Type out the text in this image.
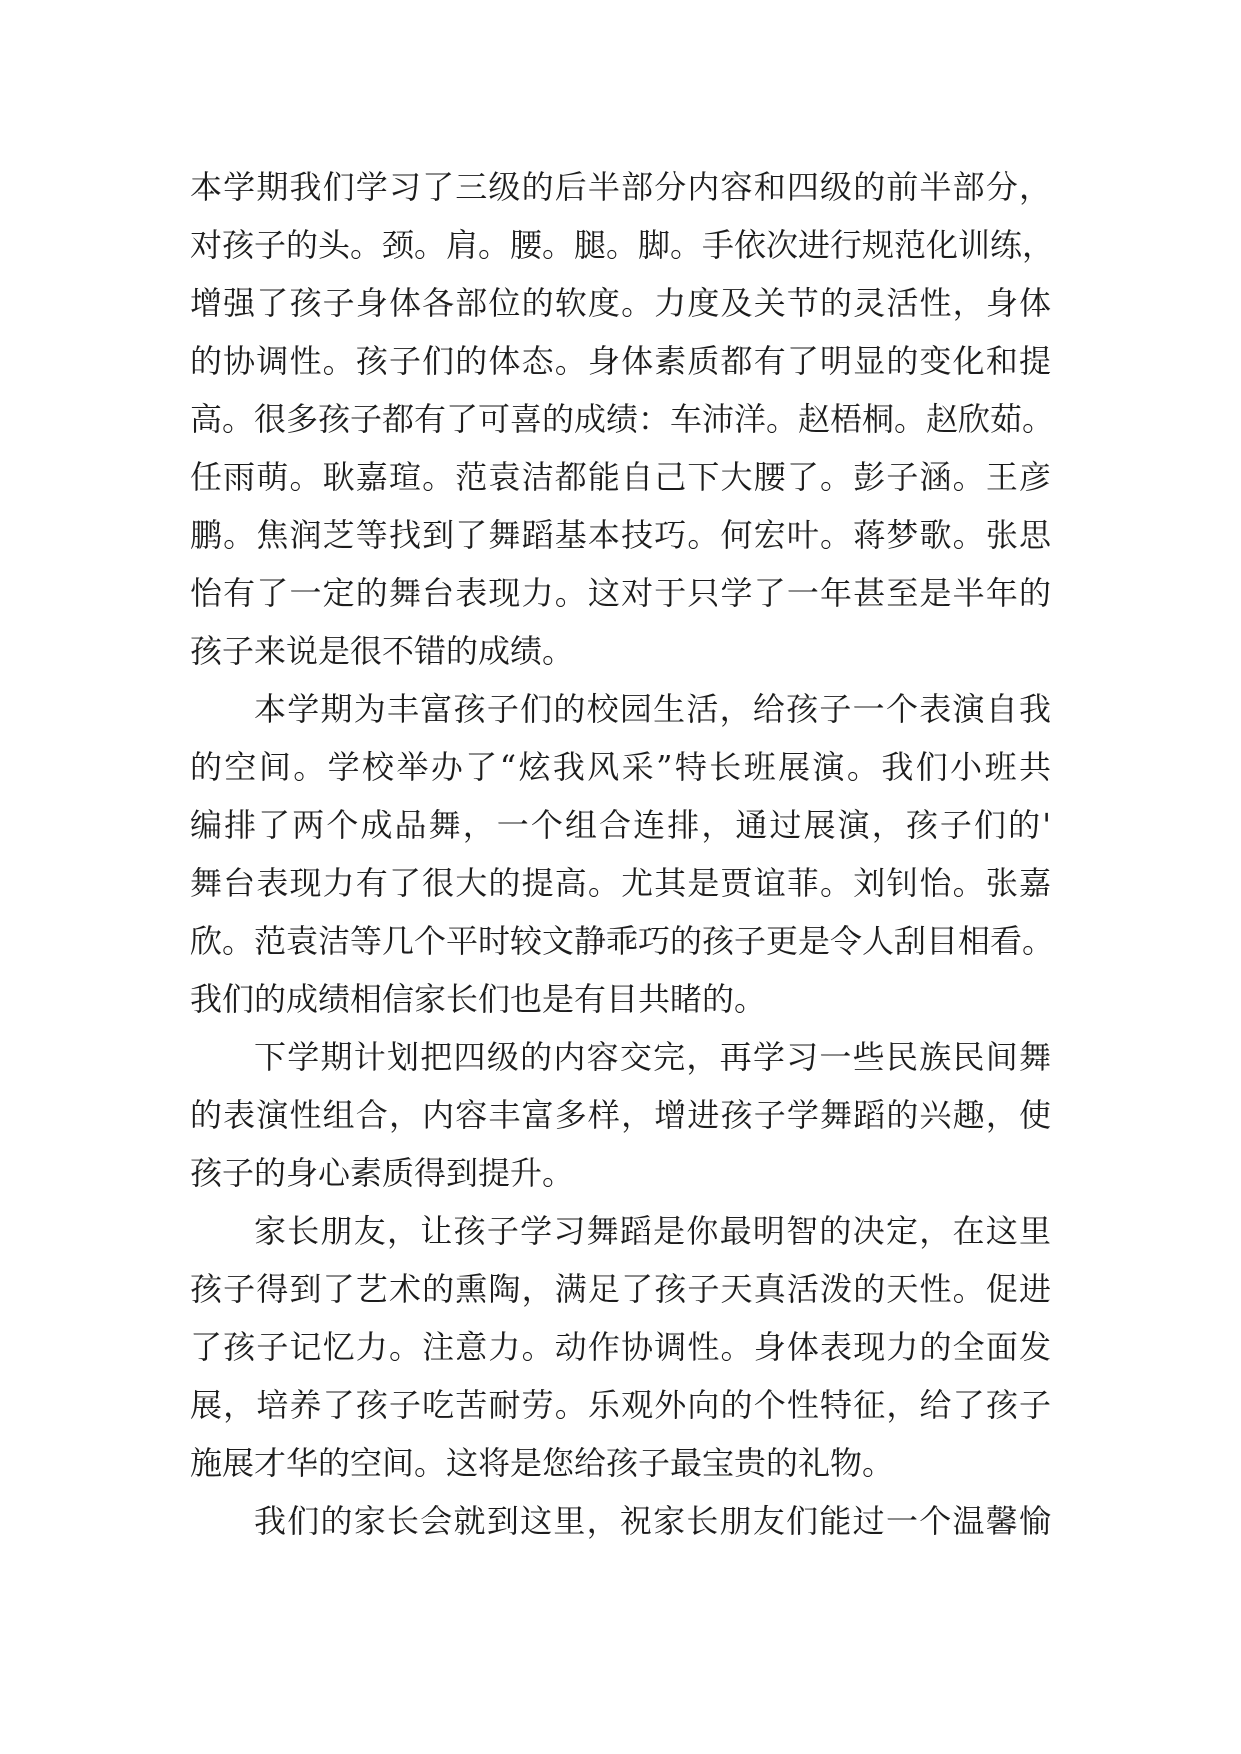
本学期我们学习了三级的后半部分内容和四级的前半部分，
对孩子的头。颈。肩。腰。腿。脚。手依次进行规范化训练，
增强了孩子身体各部位的软度。力度及关节的灵活性，身体
的协调性。孩子们的体态。身体素质都有了明显的变化和提
高。很多孩子都有了可喜的成绩：车沛洋。赵梧桐。赵欣茹。
任雨萌。耿嘉瑄。范袁洁都能自己下大腰了。彭子涵。王彦
鹏。焦润芝等找到了舞蹈基本技巧。何宏叶。蒋梦歌。张思
怡有了一定的舞台表现力。这对于只学了一年甚至是半年的
孩子来说是很不错的成绩。
本学期为丰富孩子们的校园生活，给孩子一个表演自我
的空间。学校举办了“炫我风采”特长班展演。我们小班共
编排了两个成品舞，一个组合连排，通过展演，孩子们的'
舞台表现力有了很大的提高。尤其是贾谊菲。刘钊怡。张嘉
欣。范袁洁等几个平时较文静乖巧的孩子更是令人刮目相看。
我们的成绩相信家长们也是有目共睹的。
下学期计划把四级的内容交完，再学习一些民族民间舞
的表演性组合，内容丰富多样，增进孩子学舞蹈的兴趣，使
孩子的身心素质得到提升。
家长朋友，让孩子学习舞蹈是你最明智的决定，在这里
孩子得到了艺术的熏陶，满足了孩子天真活泼的天性。促进
了孩子记忆力。注意力。动作协调性。身体表现力的全面发
展，培养了孩子吃苦耐劳。乐观外向的个性特征，给了孩子
施展才华的空间。这将是您给孩子最宝贵的礼物。
我们的家长会就到这里，祝家长朋友们能过一个温馨愉
